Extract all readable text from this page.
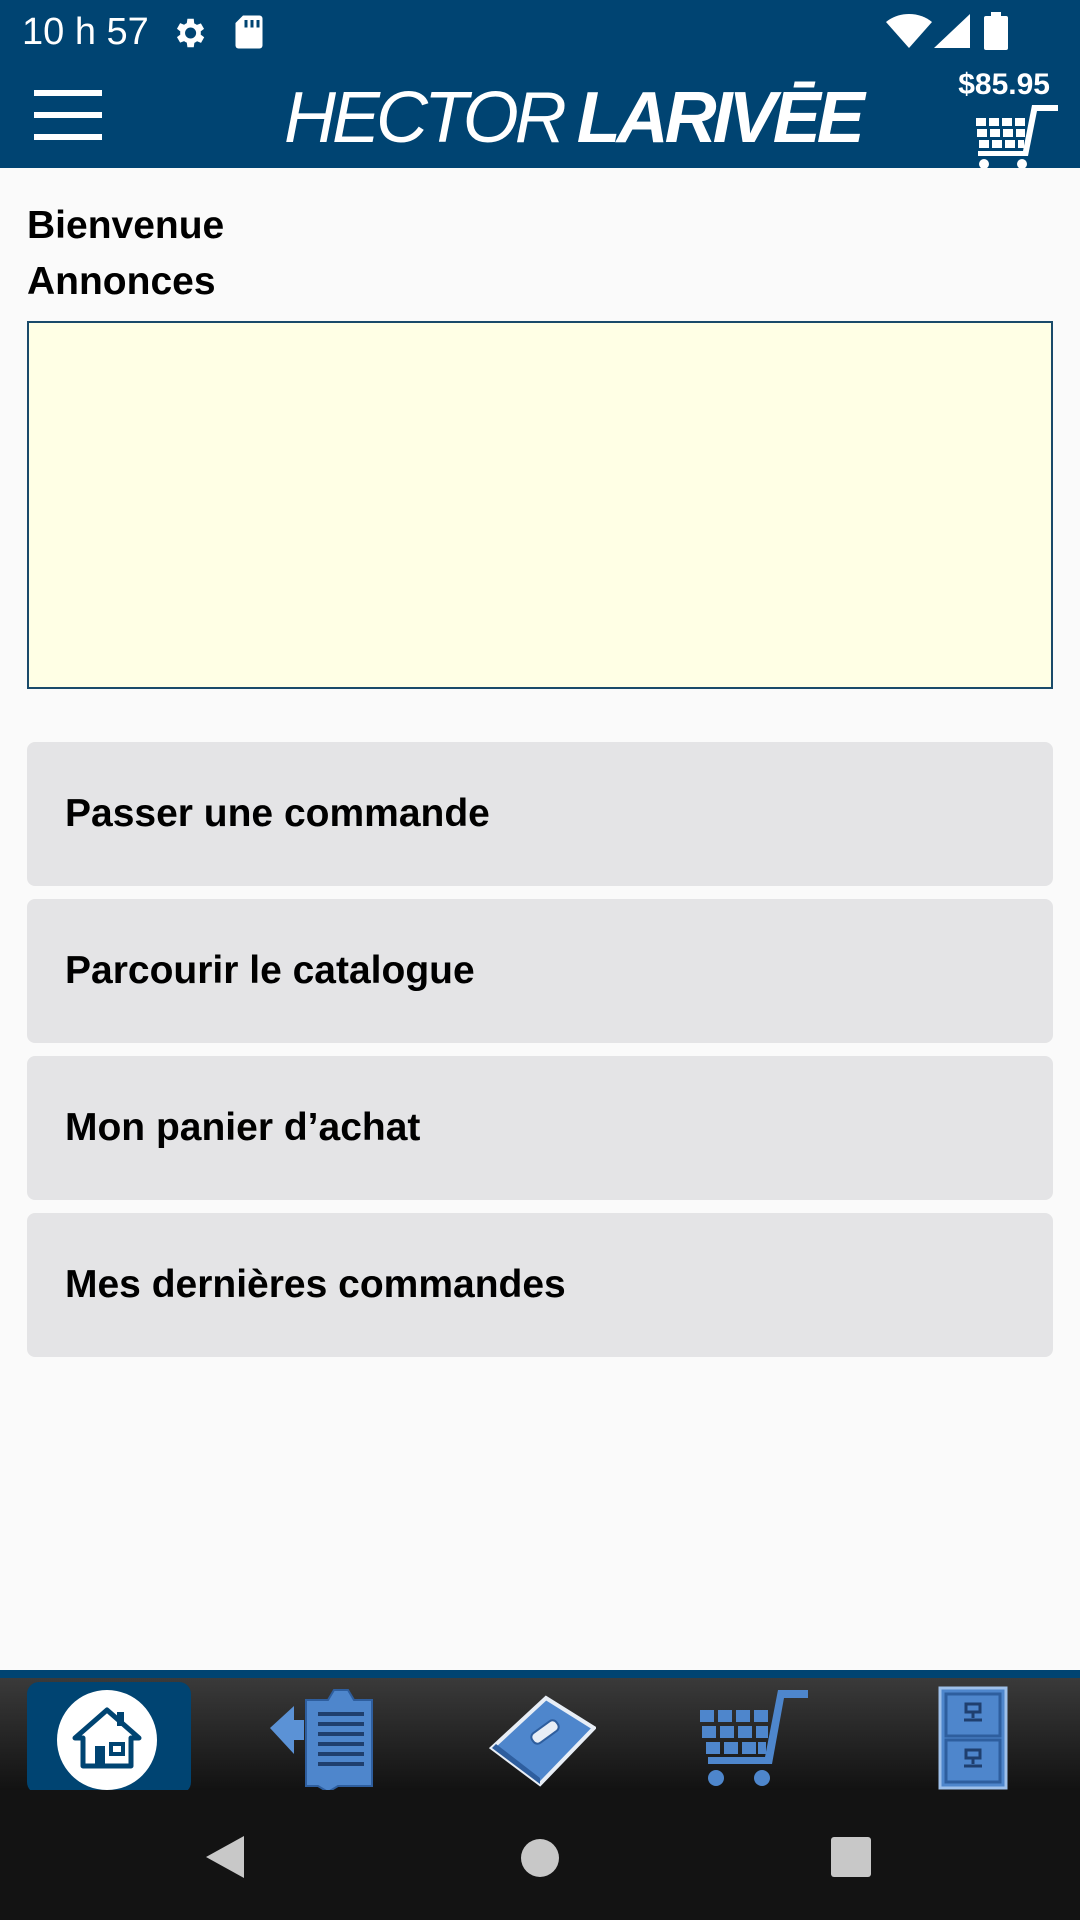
10 h 57
HECTOR LARIVĒE	$85.95
Bienvenue
Annonces
Passer une commande
Parcourir le catalogue
Mon panier d’achat
Mes dernières commandes
